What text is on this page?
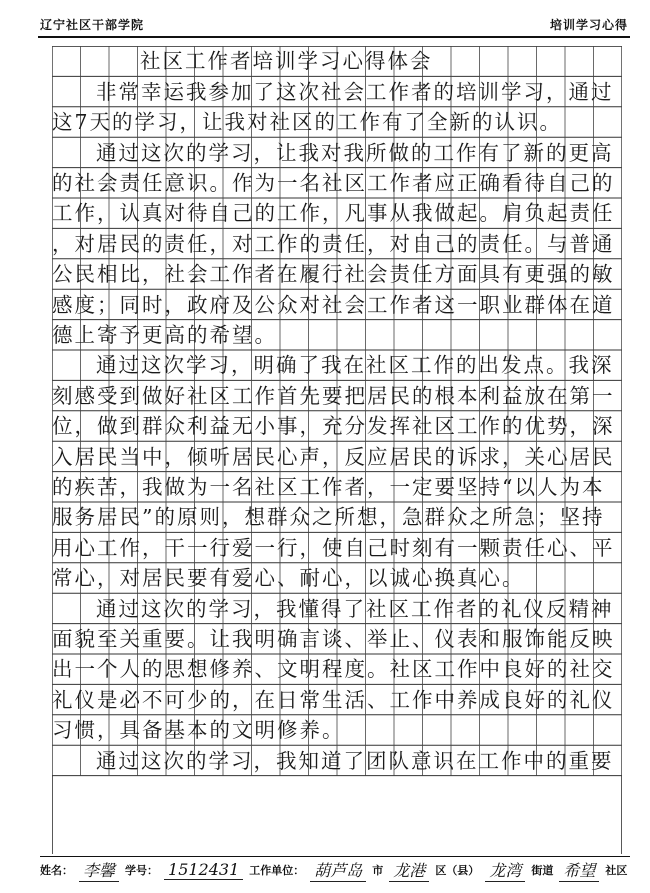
辽宁社区干部学院	培训学习心得
社区工作者培训学习心得体会
非常幸运我参加了这次社会工作者的培训学习，通过
这7天的学习，让我对社区的工作有了全新的认识。
通过这次的学习，让我对我所做的工作有了新的更高
的社会责任意识。作为一名社区工作者应正确看待自己的
工作，认真对待自己的工作，凡事从我做起。肩负起责任
，对居民的责任，对工作的责任，对自己的责任。与普通
公民相比，社会工作者在履行社会责任方面具有更强的敏
感度；同时，政府及公众对社会工作者这一职业群体在道
德上寄予更高的希望。
通过这次学习，明确了我在社区工作的出发点。我深
刻感受到做好社区工作首先要把居民的根本利益放在第一
位，做到群众利益无小事，充分发挥社区工作的优势，深
入居民当中，倾听居民心声，反应居民的诉求，关心居民
的疾苦，我做为一名社区工作者，一定要坚持“以人为本
服务居民”的原则，想群众之所想，急群众之所急；坚持
用心工作，干一行爱一行，使自己时刻有一颗责任心、平
常心，对居民要有爱心、耐心，以诚心换真心。
通过这次的学习，我懂得了社区工作者的礼仪反精神
面貌至关重要。让我明确言谈、举止、仪表和服饰能反映
出一个人的思想修养、文明程度。社区工作中良好的社交
礼仪是必不可少的，在日常生活、工作中养成良好的礼仪
习惯，具备基本的文明修养。
通过这次的学习，我知道了团队意识在工作中的重要
姓名： 李馨 学号： 1512431 工作单位： 葫芦岛 市 龙港 区（县） 龙湾 街道 希望 社区
